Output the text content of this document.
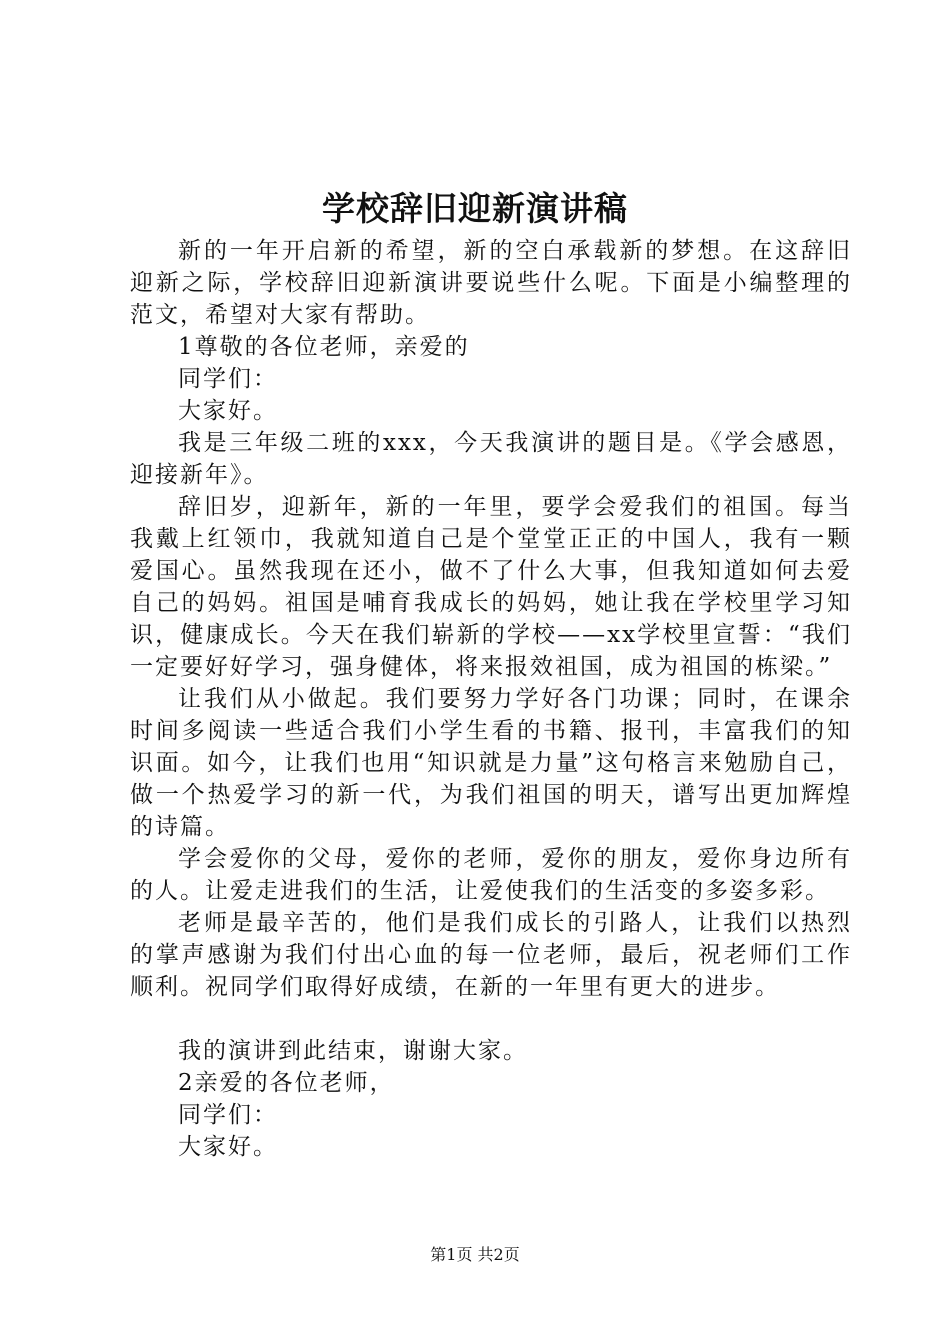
学校辞旧迎新演讲稿

新的一年开启新的希望，新的空白承载新的梦想。在这辞旧迎新之际，学校辞旧迎新演讲要说些什么呢。下面是小编整理的范文，希望对大家有帮助。

1尊敬的各位老师，亲爱的

同学们：

大家好。

我是三年级二班的xxx，今天我演讲的题目是。《学会感恩，迎接新年》。

辞旧岁，迎新年，新的一年里，要学会爱我们的祖国。每当我戴上红领巾，我就知道自己是个堂堂正正的中国人，我有一颗爱国心。虽然我现在还小，做不了什么大事，但我知道如何去爱自己的妈妈。祖国是哺育我成长的妈妈，她让我在学校里学习知识，健康成长。今天在我们崭新的学校——xx学校里宣誓：“我们一定要好好学习，强身健体，将来报效祖国，成为祖国的栋梁。”

让我们从小做起。我们要努力学好各门功课；同时，在课余时间多阅读一些适合我们小学生看的书籍、报刊，丰富我们的知识面。如今，让我们也用“知识就是力量”这句格言来勉励自己，做一个热爱学习的新一代，为我们祖国的明天，谱写出更加辉煌的诗篇。

学会爱你的父母，爱你的老师，爱你的朋友，爱你身边所有的人。让爱走进我们的生活，让爱使我们的生活变的多姿多彩。

老师是最辛苦的，他们是我们成长的引路人，让我们以热烈的掌声感谢为我们付出心血的每一位老师，最后，祝老师们工作顺利。祝同学们取得好成绩，在新的一年里有更大的进步。

我的演讲到此结束，谢谢大家。

2亲爱的各位老师，

同学们：

大家好。

第1页 共2页
